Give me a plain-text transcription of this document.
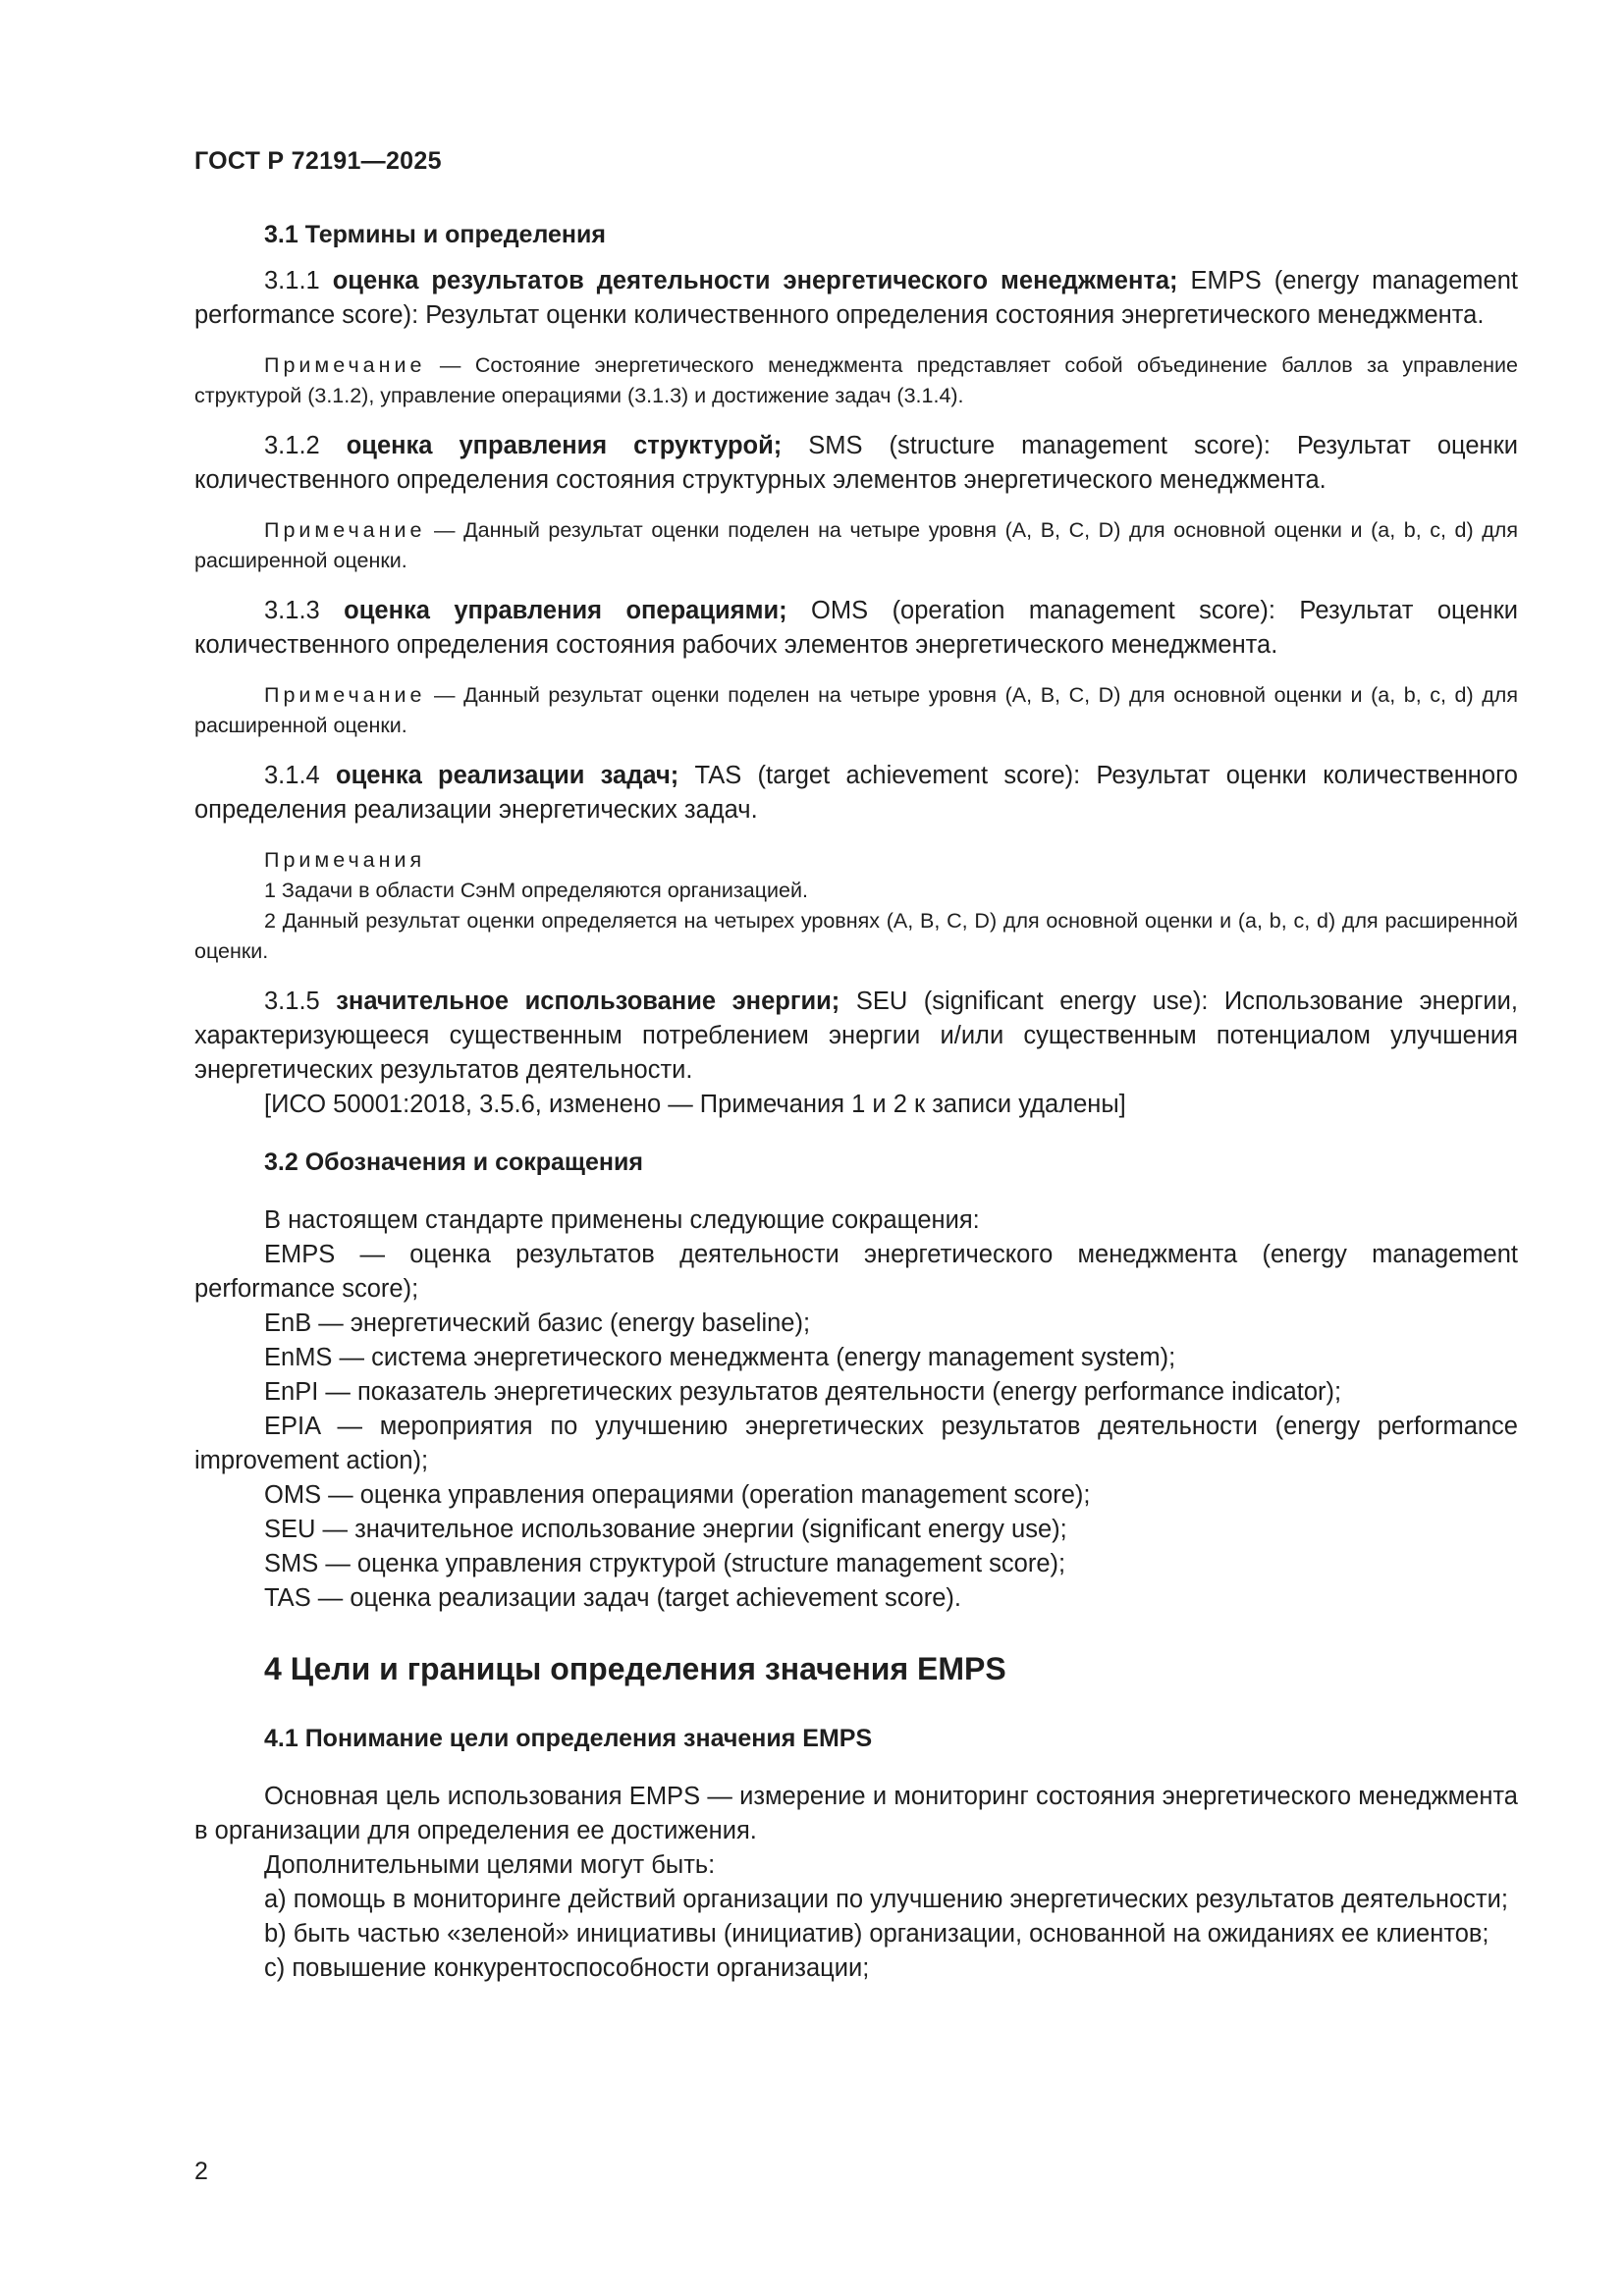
ГОСТ Р 72191—2025
3.1 Термины и определения

3.1.1 оценка результатов деятельности энергетического менеджмента; EMPS (energy management performance score): Результат оценки количественного определения состояния энергетического менеджмента.

Примечание — Состояние энергетического менеджмента представляет собой объединение баллов за управление структурой (3.1.2), управление операциями (3.1.3) и достижение задач (3.1.4).

3.1.2 оценка управления структурой; SMS (structure management score): Результат оценки количественного определения состояния структурных элементов энергетического менеджмента.

Примечание — Данный результат оценки поделен на четыре уровня (A, B, C, D) для основной оценки и (a, b, c, d) для расширенной оценки.

3.1.3 оценка управления операциями; OMS (operation management score): Результат оценки количественного определения состояния рабочих элементов энергетического менеджмента.

Примечание — Данный результат оценки поделен на четыре уровня (A, B, C, D) для основной оценки и (a, b, c, d) для расширенной оценки.

3.1.4 оценка реализации задач; TAS (target achievement score): Результат оценки количественного определения реализации энергетических задач.

Примечания
1 Задачи в области СэнМ определяются организацией.
2 Данный результат оценки определяется на четырех уровнях (A, B, C, D) для основной оценки и (a, b, c, d) для расширенной оценки.

3.1.5 значительное использование энергии; SEU (significant energy use): Использование энергии, характеризующееся существенным потреблением энергии и/или существенным потенциалом улучшения энергетических результатов деятельности.

[ИСО 50001:2018, 3.5.6, изменено — Примечания 1 и 2 к записи удалены]

3.2 Обозначения и сокращения

В настоящем стандарте применены следующие сокращения:

EMPS — оценка результатов деятельности энергетического менеджмента (energy management performance score);

EnB — энергетический базис (energy baseline);

EnMS — система энергетического менеджмента (energy management system);

EnPI — показатель энергетических результатов деятельности (energy performance indicator);

EPIA — мероприятия по улучшению энергетических результатов деятельности (energy performance improvement action);

OMS — оценка управления операциями (operation management score);

SEU — значительное использование энергии (significant energy use);

SMS — оценка управления структурой (structure management score);

TAS — оценка реализации задач (target achievement score).

4 Цели и границы определения значения EMPS
4.1 Понимание цели определения значения EMPS

Основная цель использования EMPS — измерение и мониторинг состояния энергетического менеджмента в организации для определения ее достижения.

Дополнительными целями могут быть:

a) помощь в мониторинге действий организации по улучшению энергетических результатов деятельности;

b) быть частью «зеленой» инициативы (инициатив) организации, основанной на ожиданиях ее клиентов;

c) повышение конкурентоспособности организации;

2
